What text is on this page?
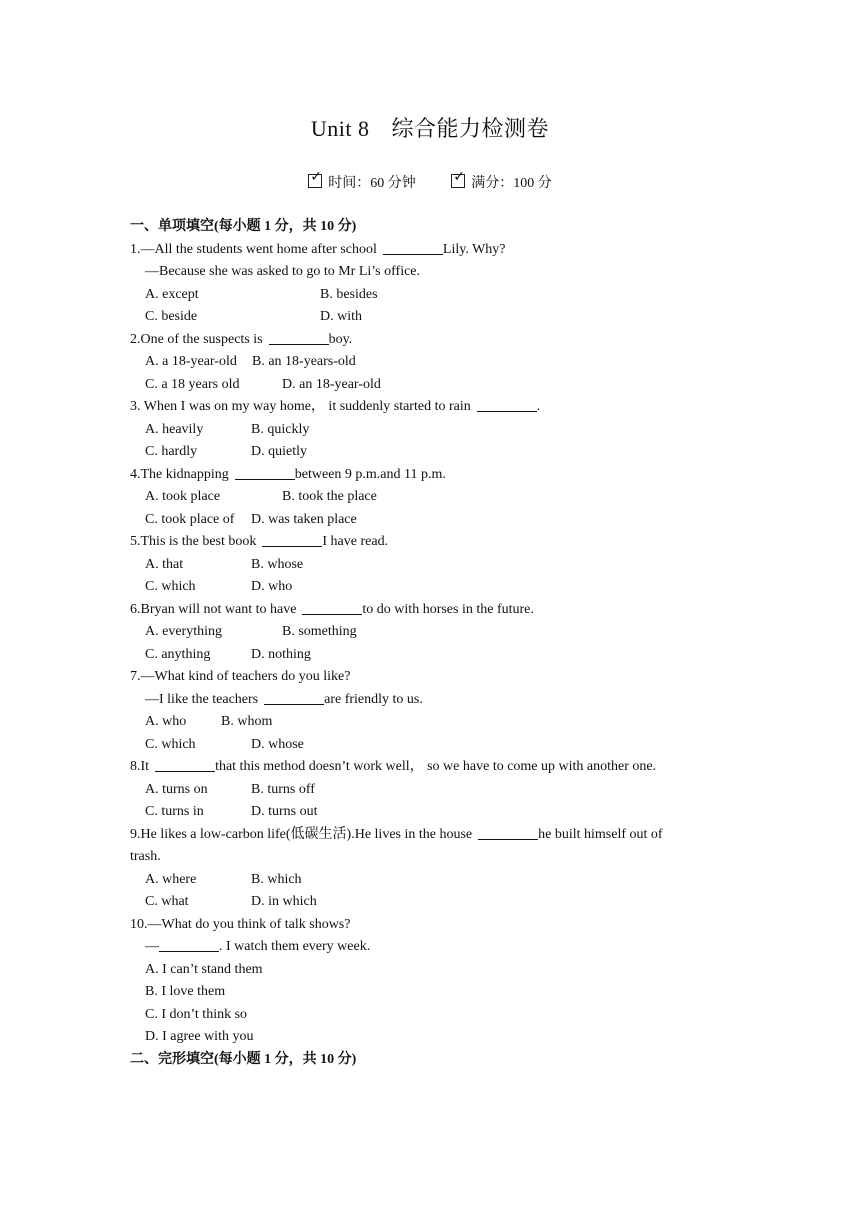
Unit 8 综合能力检测卷
✓
时间：60 分钟

✓	满分：100 分
一、单项填空(每小题 1 分，共 10 分)
1.—All the students went home after school	Lily. Why?
—Because she was asked to go to Mr Li’s office.
A. except	B. besides
C. beside	D. with
2.One of the suspects is	boy.
A. a 18-year-old B. an 18-years-old
C. a 18 years old	D. an 18-year-old
3. When I was on my way home， it suddenly started to rain	.
A. heavily	B. quickly
C. hardly	D. quietly
4.The kidnapping	between 9 p.m.and 11 p.m.
A. took place	B. took the place
C. took place of D. was taken place
5.This is the best book	I have read.
A. that	B. whose
C. which	D. who
6.Bryan will not want to have	to do with horses in the future.
A. everything	B. something
C. anything	D. nothing
7.—What kind of teachers do you like?
—I like the teachers	are friendly to us.
A. who B. whom
C. which	D. whose
8.It	that this method doesn’t work well， so we have to come up with another one.
A. turns on	B. turns off
C. turns in	D. turns out
9.He likes a low-carbon life(低碳生活).He lives in the house	he built himself out of
trash.
A. where	B. which
C. what	D. in which
10.—What do you think of talk shows?
—	. I watch them every week.
A. I can’t stand them
B. I love them
C. I don’t think so
D. I agree with you
二、完形填空(每小题 1 分，共 10 分)
